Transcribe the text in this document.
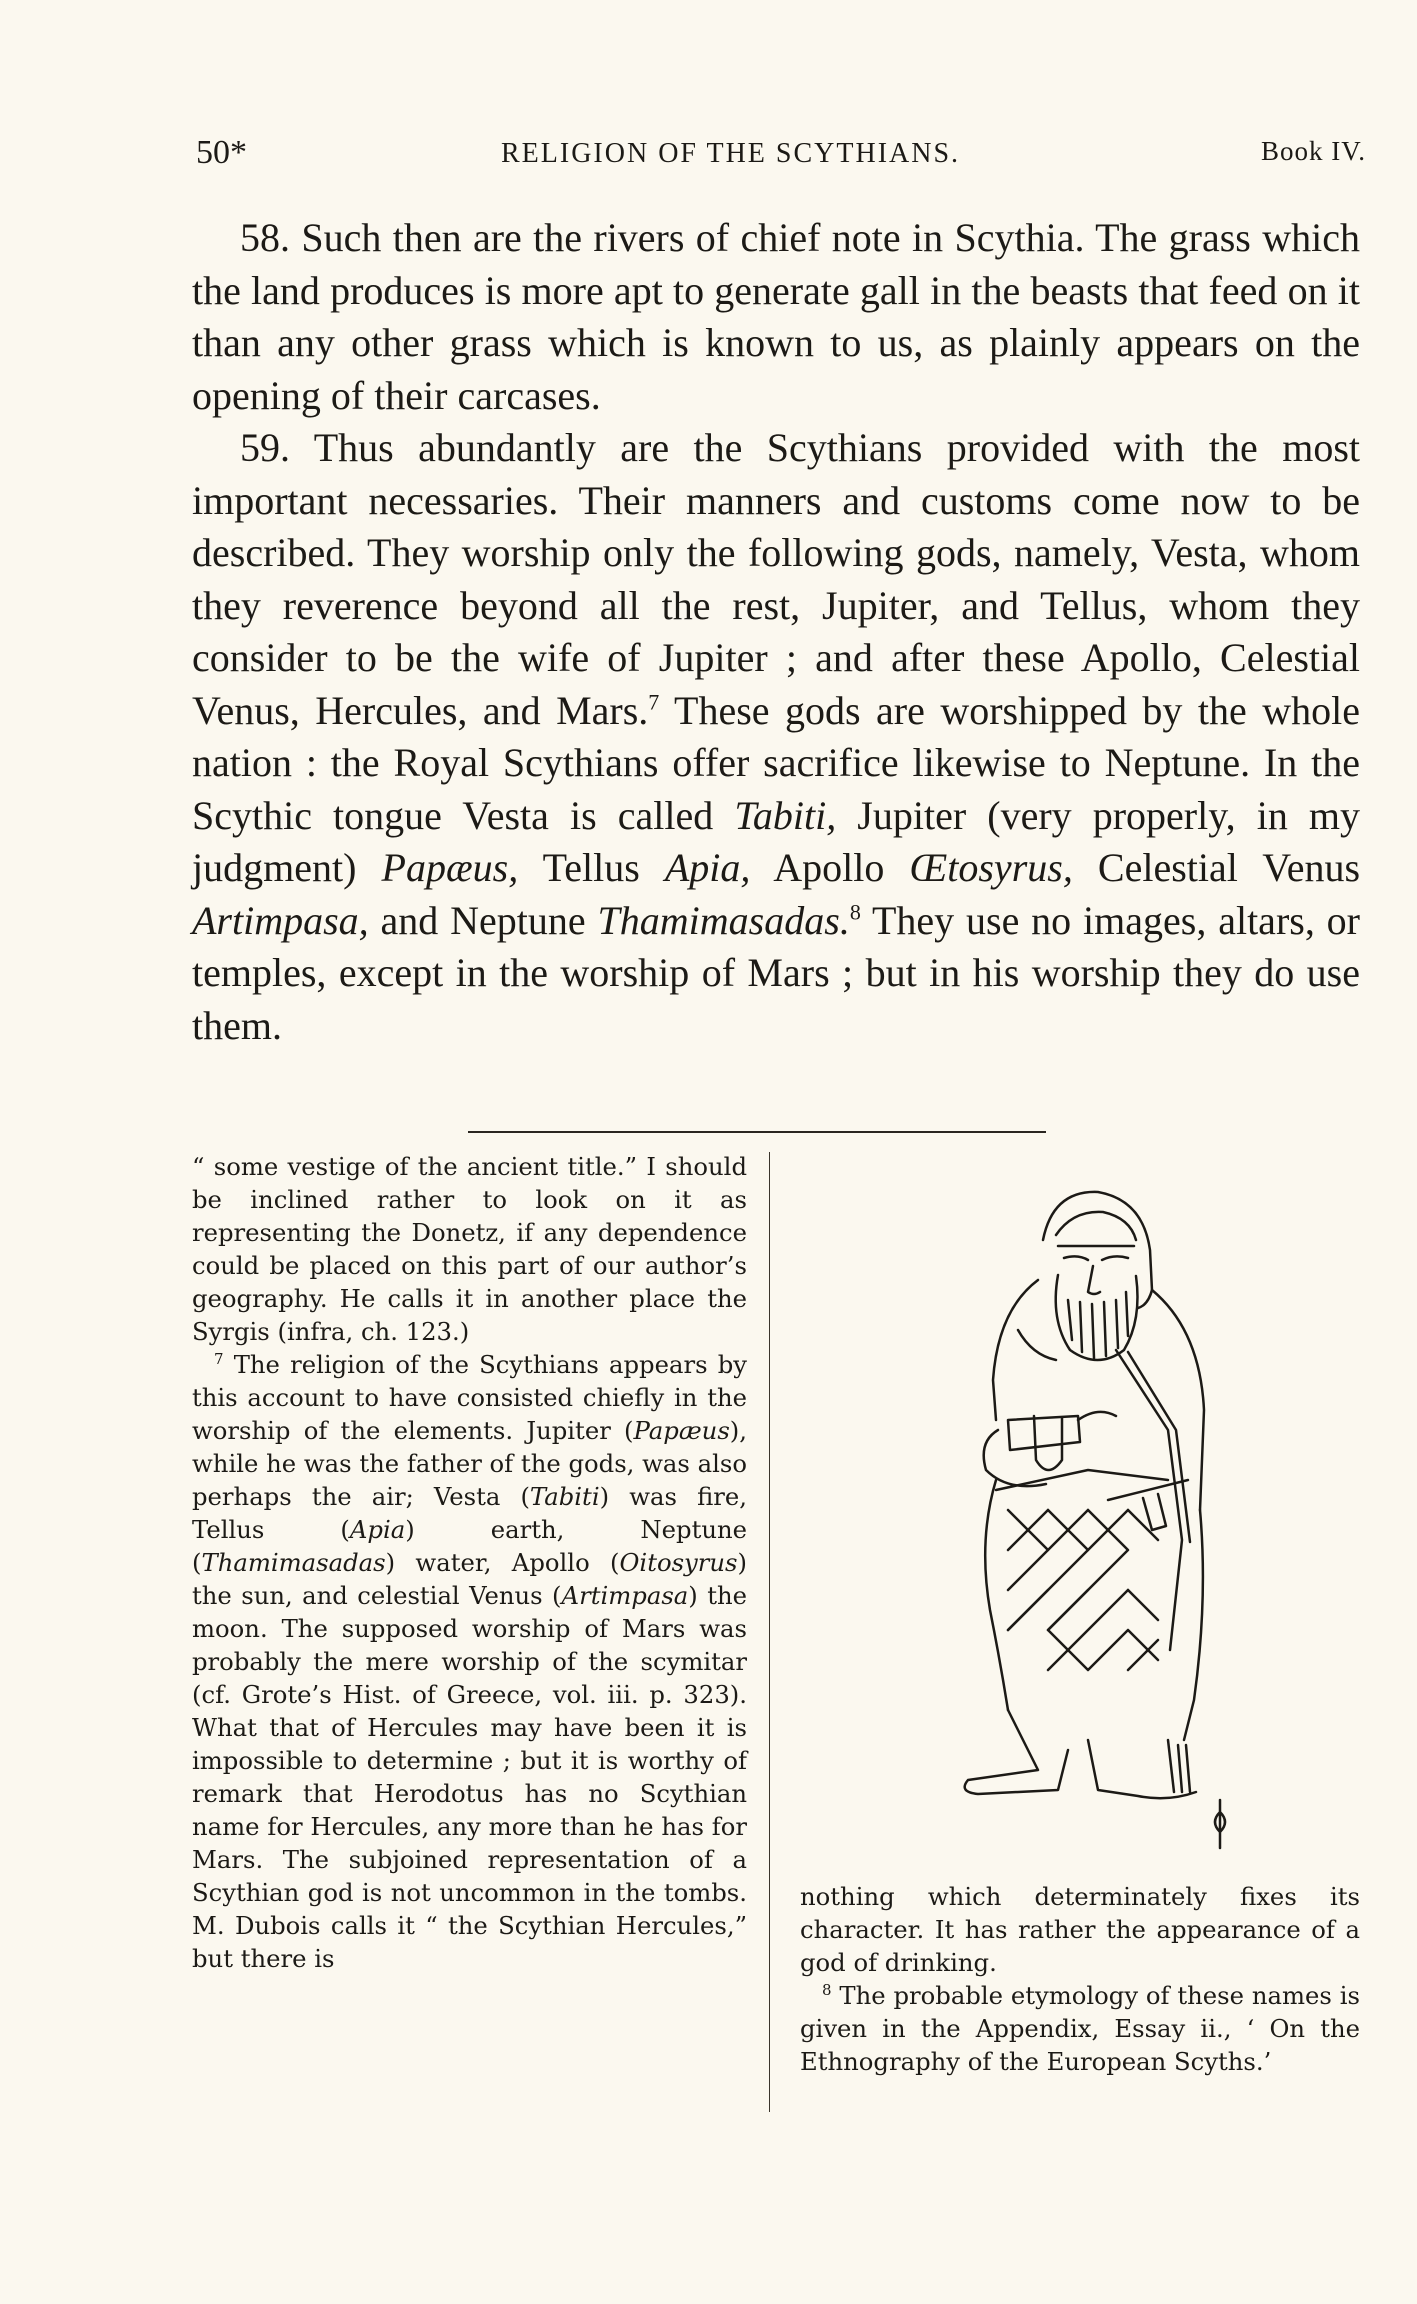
50*	RELIGION OF THE SCYTHIANS.	Book IV.

58. Such then are the rivers of chief note in Scythia. The grass which the land produces is more apt to generate gall in the beasts that feed on it than any other grass which is known to us, as plainly appears on the opening of their carcases.

59. Thus abundantly are the Scythians provided with the most important necessaries. Their manners and customs come now to be described. They worship only the following gods, namely, Vesta, whom they reverence beyond all the rest, Jupiter, and Tellus, whom they consider to be the wife of Jupiter ; and after these Apollo, Celestial Venus, Hercules, and Mars.$^7$ These gods are worshipped by the whole nation : the Royal Scythians offer sacrifice likewise to Neptune. In the Scythic tongue Vesta is called Tabiti, Jupiter (very properly, in my judgment) Papæus, Tellus Apia, Apollo Œtosyrus, Celestial Venus Artimpasa, and Neptune Thamimasadas.$^8$ They use no images, altars, or temples, except in the worship of Mars ; but in his worship they do use them.

“ some vestige of the ancient title.” I should be inclined rather to look on it as representing the Donetz, if any dependence could be placed on this part of our author’s geography. He calls it in another place the Syrgis (infra, ch. 123.)

$^7$ The religion of the Scythians appears by this account to have consisted chiefly in the worship of the elements. Jupiter (Papæus), while he was the father of the gods, was also perhaps the air; Vesta (Tabiti) was fire, Tellus (Apia) earth, Neptune (Thamimasadas) water, Apollo (Oitosyrus) the sun, and celestial Venus (Artimpasa) the moon. The supposed worship of Mars was probably the mere worship of the scymitar (cf. Grote’s Hist. of Greece, vol. iii. p. 323). What that of Hercules may have been it is impossible to determine ; but it is worthy of remark that Herodotus has no Scythian name for Hercules, any more than he has for Mars. The subjoined representation of a Scythian god is not uncommon in the tombs. M. Dubois calls it “ the Scythian Hercules,” but there is

nothing which determinately fixes its character. It has rather the appearance of a god of drinking.

$^8$ The probable etymology of these names is given in the Appendix, Essay ii., ‘ On the Ethnography of the European Scyths.’
